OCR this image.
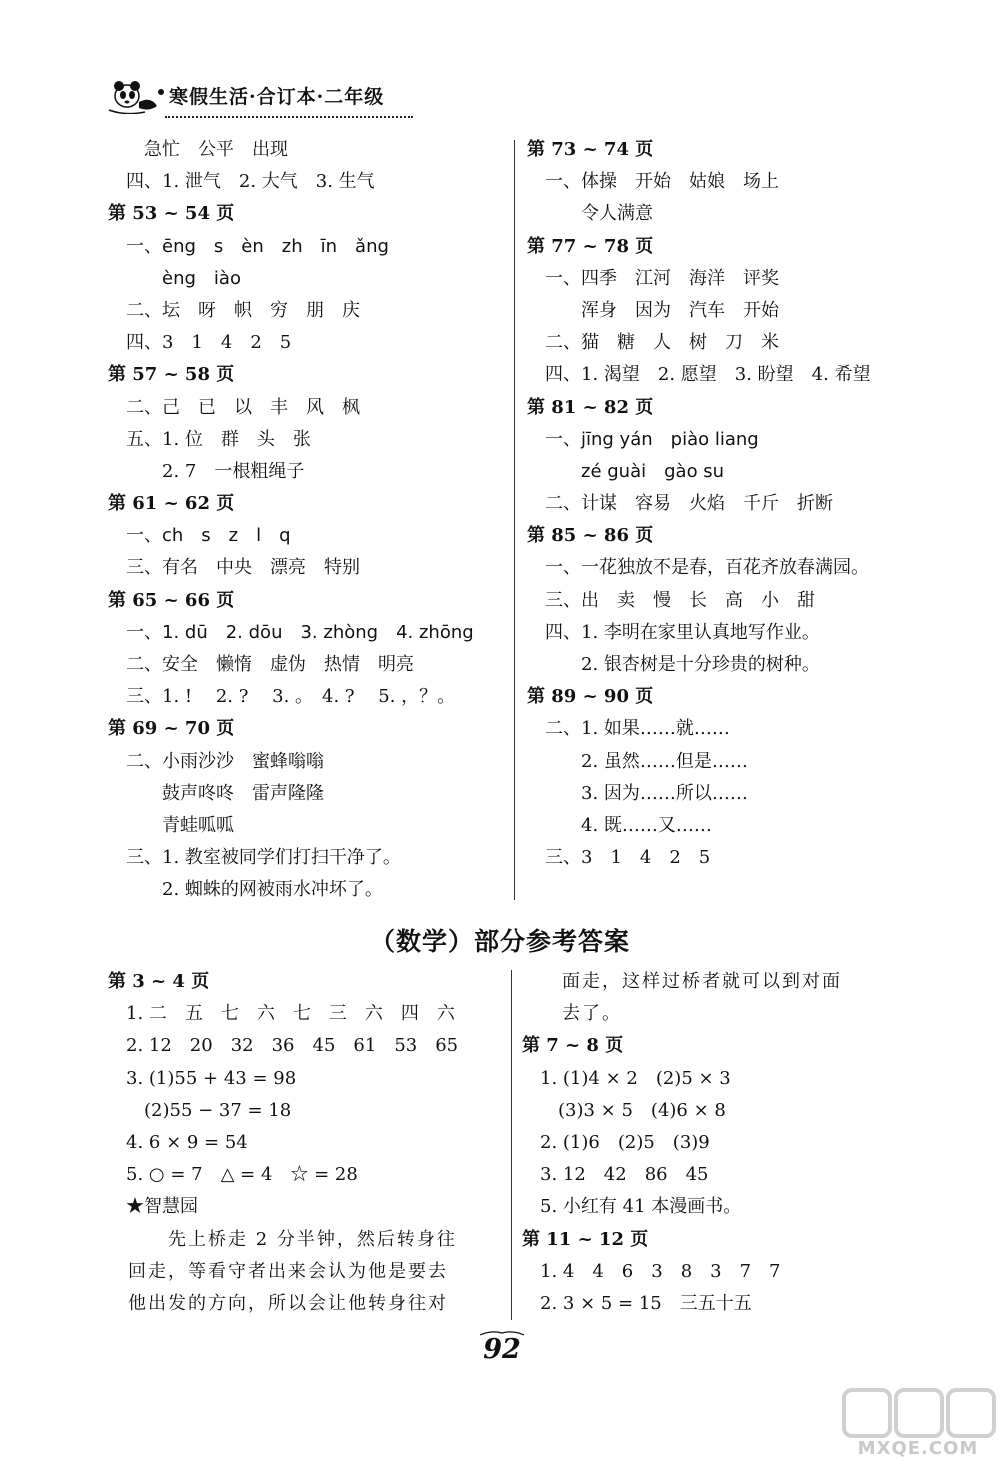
寒假生活·合订本·二年级
　　急忙　公平　出现
　四、1. 泄气　2. 大气　3. 生气
第 53 ~ 54 页
　一、ēng　s　èn　zh　īn　ǎng
　　　èng　iào
　二、坛　呀　帜　穷　朋　庆
　四、3　1　4　2　5
第 57 ~ 58 页
　二、己　已　以　丰　风　枫
　五、1. 位　群　头　张
　　　2. 7　一根粗绳子
第 61 ~ 62 页
　一、ch　s　z　l　q
　三、有名　中央　漂亮　特别
第 65 ~ 66 页
　一、1. dū　2. dōu　3. zhòng　4. zhōng
　二、安全　懒惰　虚伪　热情　明亮
　三、1. !　 2. ?　 3. 。　4. ?　 5. ，？。
第 69 ~ 70 页
　二、小雨沙沙　蜜蜂嗡嗡
　　　鼓声咚咚　雷声隆隆
　　　青蛙呱呱
　三、1. 教室被同学们打扫干净了。
　　　2. 蜘蛛的网被雨水冲坏了。
第 73 ~ 74 页
　一、体操　开始　姑娘　场上
　　　令人满意
第 77 ~ 78 页
　一、四季　江河　海洋　评奖
　　　浑身　因为　汽车　开始
　二、猫　糖　人　树　刀　米
　四、1. 渴望　2. 愿望　3. 盼望　4. 希望
第 81 ~ 82 页
　一、jīng yán　piào liang
　　　zé guài　gào su
　二、计谋　容易　火焰　千斤　折断
第 85 ~ 86 页
　一、一花独放不是春，百花齐放春满园。
　三、出　卖　慢　长　高　小　甜
　四、1. 李明在家里认真地写作业。
　　　2. 银杏树是十分珍贵的树种。
第 89 ~ 90 页
　二、1. 如果……就……
　　　2. 虽然……但是……
　　　3. 因为……所以……
　　　4. 既……又……
　三、3　1　4　2　5
（数学）部分参考答案
第 3 ~ 4 页
　1. 二　五　七　六　七　三　六　四　六
　2. 12　20　32　36　45　61　53　65
　3. (1)55 + 43 = 98
　　(2)55 − 37 = 18
　4. 6 × 9 = 54
　5. ○ = 7　△ = 4　☆ = 28
　★智慧园
　　　先上桥走 2 分半钟，然后转身往
　回走，等看守者出来会认为他是要去
　他出发的方向，所以会让他转身往对
　　面走，这样过桥者就可以到对面
　　去了。
第 7 ~ 8 页
　1. (1)4 × 2　(2)5 × 3
　　(3)3 × 5　(4)6 × 8
　2. (1)6　(2)5　(3)9
　3. 12　42　86　45
　5. 小红有 41 本漫画书。
第 11 ~ 12 页
　1. 4　4　6　3　8　3　7　7
　2. 3 × 5 = 15　三五十五
92
MXQE.COM
